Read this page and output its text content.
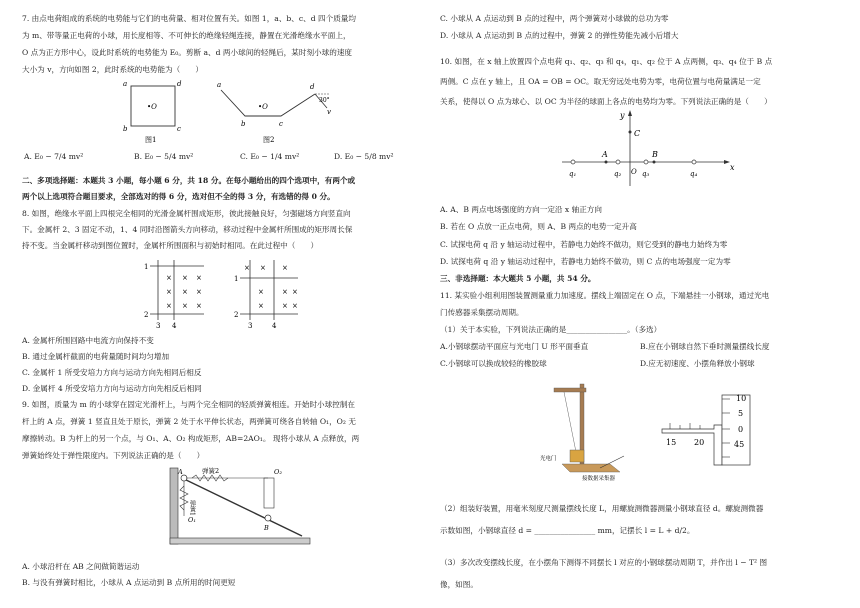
7. 由点电荷组成的系统的电势能与它们的电荷量、相对位置有关。如图 1，a、b、c、d 四个质量均
为 m、带等量正电荷的小球，用长度相等、不可伸长的绝缘轻绳连接，静置在光滑绝缘水平面上，
O 点为正方形中心，设此时系统的电势能为 E₀。剪断 a、d 两小球间的轻绳后，某时刻小球的速度
大小为 v，方向如图 2，此时系统的电势能为（　　）
a	d
b	c
•O
图1
a
b	c
d
•O
30°
v
图2
A. E₀ − 7/4 mv²	B. E₀ − 5/4 mv²	C. E₀ − 1/4 mv²	D. E₀ − 5/8 mv²
二、多项选择题：本题共 3 小题，每小题 6 分，共 18 分。在每小题给出的四个选项中，有两个或
两个以上选项符合题目要求，全部选对的得 6 分，选对但不全的得 3 分，有选错的得 0 分。
8. 如图，绝缘水平面上四根完全相同的光滑金属杆围成矩形，彼此接触良好，匀强磁场方向竖直向
下。金属杆 2、3 固定不动，1、4 同时沿图箭头方向移动，移动过程中金属杆所围成的矩形周长保
持不变。当金属杆移动到图位置时，金属杆所围面积与初始时相同。在此过程中（　　）
× × ×
× × ×
× × ×
1
2
3 4
× × ×
×	× ×
×	× ×
1
2
3	4
A. 金属杆所围回路中电流方向保持不变
B. 通过金属杆截面的电荷量随时间均匀增加
C. 金属杆 1 所受安培力方向与运动方向先相同后相反
D. 金属杆 4 所受安培力方向与运动方向先相反后相同
9. 如图，质量为 m 的小球穿在固定光滑杆上，与两个完全相同的轻质弹簧相连。开始时小球控制在
杆上的 A 点，弹簧 1 竖直且处于原长，弹簧 2 处于水平伸长状态，两弹簧可绕各自转轴 O₁，O₂ 无
摩擦转动。B 为杆上的另一个点，与 O₁、A、O₂ 构成矩形，AB=2AO₁。 现将小球从 A 点释放，两
弹簧始终处于弹性限度内。下列说法正确的是（　　）
弹簧2
弹簧1
A
B
O₁
O₂
A. 小球沿杆在 AB 之间做简谐运动
B. 与没有弹簧时相比，小球从 A 点运动到 B 点所用的时间更短
C. 小球从 A 点运动到 B 点的过程中，两个弹簧对小球做的总功为零
D. 小球从 A 点运动到 B 点的过程中，弹簧 2 的弹性势能先减小后增大
10. 如图，在 x 轴上放置四个点电荷 q₁、q₂、q₃ 和 q₄，q₁、q₂ 位于 A 点两侧，q₃、q₄ 位于 B 点
两侧。C 点在 y 轴上，且 OA = OB = OC。取无穷远处电势为零，电荷位置与电荷量满足一定
关系，使得以 O 点为球心、以 OC 为半径的球面上各点的电势均为零。下列说法正确的是（　　）
y
x
C
A	B
O
q₁	q₂	q₃	q₄
A. A、B 两点电场强度的方向一定沿 x 轴正方向
B. 若在 O 点放一正点电荷，则 A、B 两点的电势一定升高
C. 试探电荷 q 沿 y 轴运动过程中，若静电力始终不做功，则它受到的静电力始终为零
D. 试探电荷 q 沿 y 轴运动过程中，若静电力始终不做功，则 C 点的电场强度一定为零
三、非选择题：本大题共 5 小题，共 54 分。
11. 某实验小组利用图装置测量重力加速度。摆线上端固定在 O 点，下端悬挂一小钢球，通过光电
门传感器采集摆动周期。
（1）关于本实验，下列说法正确的是________________。（多选）
A.小钢球摆动平面应与光电门 U 形平面垂直	B.应在小钢球自然下垂时测量摆线长度
C.小钢球可以换成较轻的橡胶球	D.应无初速度、小摆角释放小钢球
光电门
接数据采集器
10
5
0
45
15 20
（2）组装好装置，用毫米刻度尺测量摆线长度 L，用螺旋测微器测量小钢球直径 d。螺旋测微器
示数如图，小钢球直径 d = ________________ mm，记摆长 l = L + d/2。
（3）多次改变摆线长度，在小摆角下测得不同摆长 l 对应的小钢球摆动周期 T，并作出 l − T² 图
像，如图。
